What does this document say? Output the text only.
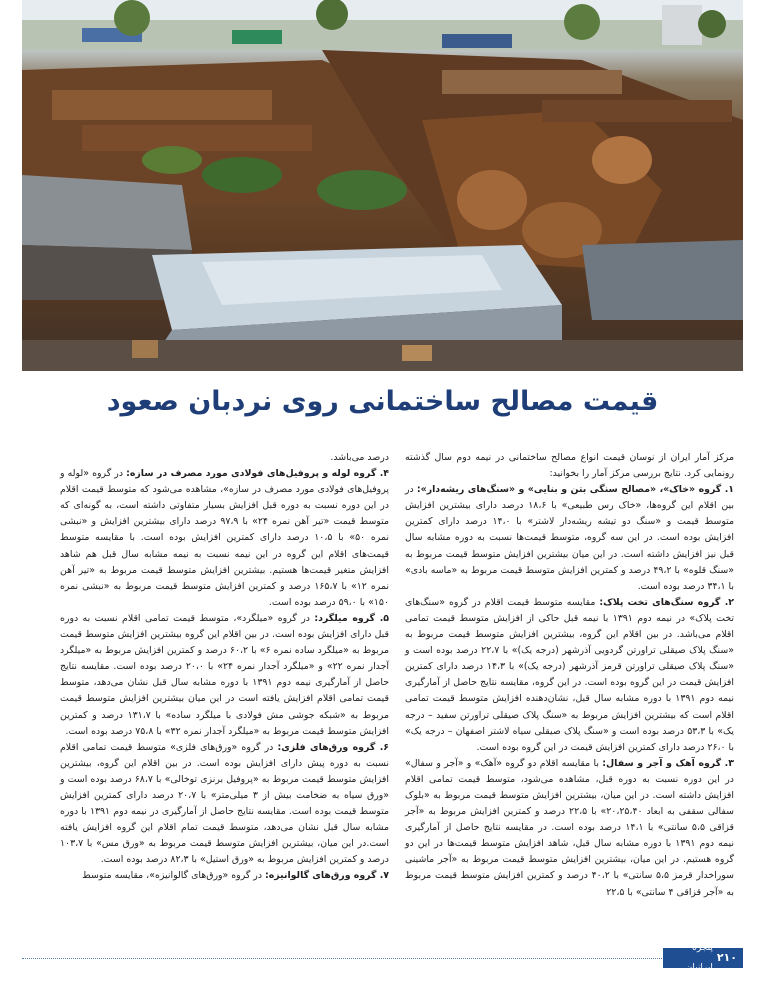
قیمت مصالح ساختمانی روی نردبان صعود

مرکز آمار ایران از نوسان قیمت انواع مصالح ساختمانی در نیمه دوم سال گذشته رونمایی کرد. نتایج بررسی مرکز آمار را بخوانید:

۱. گروه «خاک»، «مصالح سنگی بتن و بنایی» و «سنگ‌های ریشه‌دار»: در بین اقلام این گروه‌ها، «خاک رس طبیعی» با ۱۸،۶ درصد دارای بیشترین افزایش متوسط قیمت و «سنگ دو تیشه ریشه‌دار لاشتر» با ۱۴،۰ درصد دارای کمترین افزایش بوده است. در این سه گروه، متوسط قیمت‌ها نسبت به دوره مشابه سال قبل نیز افزایش داشته است. در این میان بیشترین افزایش متوسط قیمت مربوط به «سنگ قلوه» با ۴۹،۲ درصد و کمترین افزایش متوسط قیمت مربوط به «ماسه بادی» با ۳۴،۱ درصد بوده است.

۲. گروه سنگ‌های تخت پلاک: مقایسه متوسط قیمت اقلام در گروه «سنگ‌های تخت پلاک» در نیمه دوم ۱۳۹۱ با نیمه قبل حاکی از افزایش متوسط قیمت تمامی اقلام می‌باشد. در بین اقلام این گروه، بیشترین افزایش متوسط قیمت مربوط به «سنگ پلاک صیقلی تراورتن گردویی آذرشهر (درجه یک)» با ۲۲،۷ درصد بوده است و «سنگ پلاک صیقلی تراورتن قرمز آذرشهر (درجه یک)» با ۱۴،۳ درصد دارای کمترین افزایش قیمت در این گروه بوده است. در این گروه، مقایسه نتایج حاصل از آمارگیری نیمه دوم ۱۳۹۱ با دوره مشابه سال قبل، نشان‌دهنده افزایش متوسط قیمت تمامی اقلام است که بیشترین افزایش مربوط به «سنگ پلاک صیقلی تراورتن سفید – درجه یک» با ۵۳،۳ درصد بوده است و «سنگ پلاک صیقلی سیاه لاشتر اصفهان – درجه یک» با ۲۶،۰ درصد دارای کمترین افزایش قیمت در این گروه بوده است.

۳. گروه آهک و آجر و سفال: با مقایسه اقلام دو گروه «آهک» و «آجر و سفال» در این دوره نسبت به دوره قبل، مشاهده می‌شود، متوسط قیمت تمامی اقلام افزایش داشته است. در این میان، بیشترین افزایش متوسط قیمت مربوط به «بلوک سفالی سقفی به ابعاد ۲۰،۲۵،۴۰» با ۲۲،۵ درصد و کمترین افزایش مربوط به «آجر قزاقی ۵،۵ سانتی» با ۱۴،۱ درصد بوده است. در مقایسه نتایج حاصل از آمارگیری نیمه دوم ۱۳۹۱ با دوره مشابه سال قبل، شاهد افزایش متوسط قیمت‌ها در این دو گروه هستیم. در این میان، بیشترین افزایش متوسط قیمت مربوط به «آجر ماشینی سوراخدار قرمز ۵،۵ سانتی» با ۴۰،۲ درصد و کمترین افزایش متوسط قیمت مربوط به «آجر قزاقی ۴ سانتی» با ۲۲،۵

درصد می‌باشد.

۴. گروه لوله و پروفیل‌های فولادی مورد مصرف در سازه: در گروه «لوله و پروفیل‌های فولادی مورد مصرف در سازه»، مشاهده می‌شود که متوسط قیمت اقلام در این دوره نسبت به دوره قبل افزایش بسیار متفاوتی داشته است، به گونه‌ای که متوسط قیمت «تیر آهن نمره ۲۴» با ۹۷،۹ درصد دارای بیشترین افزایش و «نبشی نمره ۵۰» با ۱۰،۵ درصد دارای کمترین افزایش بوده است. با مقایسه متوسط قیمت‌های اقلام این گروه در این نیمه نسبت به نیمه مشابه سال قبل هم شاهد افزایش متغیر قیمت‌ها هستیم. بیشترین افزایش متوسط قیمت مربوط به «تیر آهن نمره ۱۲» با ۱۶۵،۷ درصد و کمترین افزایش متوسط قیمت مربوط به «نبشی نمره ۱۵۰» با ۵۹،۰ درصد بوده است.

۵. گروه میلگرد: در گروه «میلگرد»، متوسط قیمت تمامی اقلام نسبت به دوره قبل دارای افزایش بوده است. در بین اقلام این گروه بیشترین افزایش متوسط قیمت مربوط به «میلگرد ساده نمره ۶» با ۶۰،۲ درصد و کمترین افزایش مربوط به «میلگرد آجدار نمره ۲۲» و «میلگرد آجدار نمره ۲۴» با ۲۰،۰ درصد بوده است. مقایسه نتایج حاصل از آمارگیری نیمه دوم ۱۳۹۱ با دوره مشابه سال قبل نشان می‌دهد، متوسط قیمت تمامی اقلام افزایش یافته است در این میان بیشترین افزایش متوسط قیمت مربوط به «شبکه جوشی مش فولادی با میلگرد ساده» با ۱۳۱،۷ درصد و کمترین افزایش متوسط قیمت مربوط به «میلگرد آجدار نمره ۳۲» با ۷۵،۸ درصد بوده است.

۶. گروه ورق‌های فلزی: در گروه «ورق‌های فلزی» متوسط قیمت تمامی اقلام نسبت به دوره پیش دارای افزایش بوده است. در بین اقلام این گروه، بیشترین افزایش متوسط قیمت مربوط به «پروفیل برنزی توخالی» با ۶۸،۷ درصد بوده است و «ورق سیاه به ضخامت بیش از ۳ میلی‌متر» با ۲۰،۷ درصد دارای کمترین افزایش متوسط قیمت بوده است. مقایسه نتایج حاصل از آمارگیری در نیمه دوم ۱۳۹۱ با دوره مشابه سال قبل نشان می‌دهد، متوسط قیمت تمام اقلام این گروه افزایش یافته است.در این میان، بیشترین افزایش متوسط قیمت مربوط به «ورق مس» با ۱۰۳،۷ درصد و کمترین افزایش مربوط به «ورق استیل» با ۸۲،۳ درصد بوده است.

۷. گروه ورق‌های گالوانیزه: در گروه «ورق‌های گالوانیزه»، مقایسه متوسط

۲۱۰
پنجره ایرانیان
